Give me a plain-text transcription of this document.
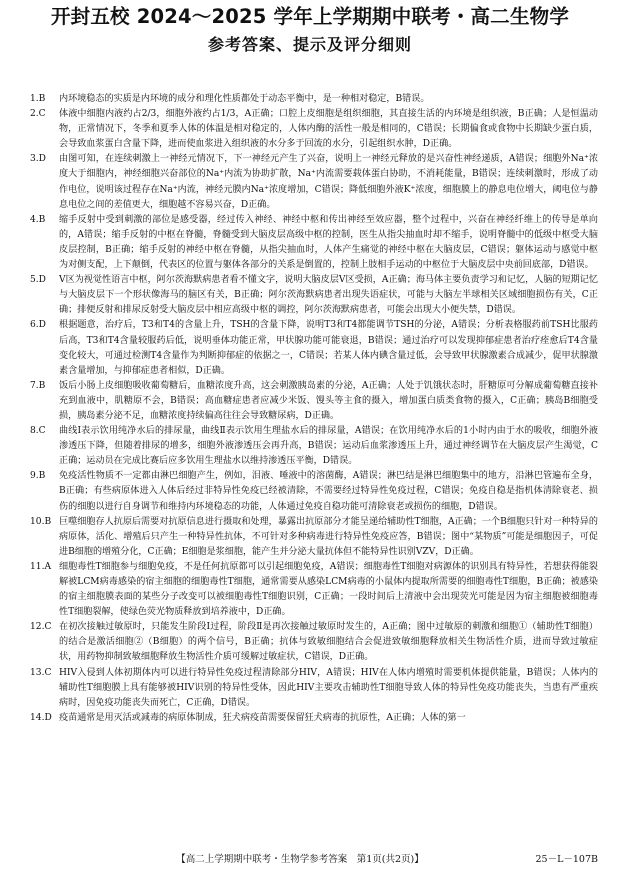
开封五校 2024～2025 学年上学期期中联考・高二生物学
参考答案、提示及评分细则
1.B 内环境稳态的实质是内环境的成分和理化性质都处于动态平衡中，是一种相对稳定，B错误。
2.C 体液中细胞内液约占2/3，细胞外液约占1/3，A正确；口腔上皮细胞是组织细胞，其直接生活的内环境是组织液，B正确；人是恒温动物，正常情况下，冬季和夏季人体的体温是相对稳定的，人体内酶的活性一般是相同的，C错误；长期偏食或食物中长期缺少蛋白质，会导致血浆蛋白含量下降，进而使血浆进入组织液的水分多于回流的水分，引起组织水肿，D正确。
3.D 由图可知，在连续刺激上一神经元情况下，下一神经元产生了兴奋，说明上一神经元释放的是兴奋性神经递质，A错误；细胞外Na⁺浓度大于细胞内，神经细胞兴奋部位的Na⁺内流为协助扩散，Na⁺内流需要载体蛋白协助，不消耗能量，B错误；连续刺激时，形成了动作电位，说明该过程存在Na⁺内流，神经元膜内Na⁺浓度增加，C错误；降低细胞外液K⁺浓度，细胞膜上的静息电位增大，阈电位与静息电位之间的差值更大，细胞越不容易兴奋，D正确。
4.B 缩手反射中受到刺激的部位是感受器，经过传入神经、神经中枢和传出神经至效应器，整个过程中，兴奋在神经纤维上的传导是单向的，A错误；缩手反射的中枢在脊髓，脊髓受到大脑皮层高级中枢的控制，医生从指尖抽血时却不缩手，说明脊髓中的低级中枢受大脑皮层控制，B正确；缩手反射的神经中枢在脊髓，从指尖抽血时，人体产生痛觉的神经中枢在大脑皮层，C错误；躯体运动与感觉中枢为对侧支配，上下颠倒，代表区的位置与躯体各部分的关系是倒置的，控制上肢相手运动的中枢位于大脑皮层中央前回底部，D错误。
5.D V区为视觉性语言中枢，阿尔茨海默病患者看不懂文字，说明大脑皮层V区受损，A正确；海马体主要负责学习和记忆，人脑的短期记忆与大脑皮层下一个形状像海马的脑区有关，B正确；阿尔茨海默病患者出现失语症状，可能与大脑左半球相关区域细胞损伤有关，C正确；排便反射和排尿反射受大脑皮层中相应高级中枢的调控，阿尔茨海默病患者，可能会出现大小便失禁，D错误。
6.D 根据题意，治疗后，T3和T4的含量上升，TSH的含量下降，说明T3和T4都能调节TSH的分泌，A错误；分析表格服药前TSH比服药后高，T3和T4含量较服药后低，说明垂体功能正常，甲状腺功能可能衰退，B错误；通过治疗可以发现抑郁症患者治疗痊愈后T4含量变化较大，可通过检测T4含量作为判断抑郁症的依据之一，C错误；若某人体内碘含量过低，会导致甲状腺激素合成减少，促甲状腺激素含量增加，与抑郁症患者相似，D正确。
7.B 饭后小肠上皮细胞吸收葡萄糖后，血糖浓度升高，这会刺激胰岛素的分泌，A正确；人处于饥饿状态时，肝糖原可分解成葡萄糖直接补充到血液中，肌糖原不会，B错误；高血糖症患者应减少米饭、馒头等主食的摄入，增加蛋白质类食物的摄入，C正确；胰岛B细胞受损，胰岛素分泌不足，血糖浓度持续偏高往往会导致糖尿病，D正确。
8.C 曲线Ⅰ表示饮用纯净水后的排尿量，曲线Ⅱ表示饮用生理盐水后的排尿量，A错误；在饮用纯净水后的1小时内由于水的吸收，细胞外液渗透压下降，但随着排尿的增多，细胞外液渗透压会再升高，B错误；运动后血浆渗透压上升，通过神经调节在大脑皮层产生渴觉，C正确；运动员在完成比赛后应多饮用生理盐水以维持渗透压平衡，D错误。
9.B 免疫活性物质不一定都由淋巴细胞产生，例如，泪液、唾液中的溶菌酶，A错误；淋巴结是淋巴细胞集中的地方，沿淋巴管遍布全身，B正确；有些病原体进入人体后经过非特异性免疫已经被清除，不需要经过特异性免疫过程，C错误；免疫自稳是指机体清除衰老、损伤的细胞以进行自身调节和维持内环境稳态的功能，人体通过免疫自稳功能可清除衰老或损伤的细胞，D错误。
10.B 巨噬细胞存人抗原后需要对抗原信息进行摄取和处理，暴露出抗原部分才能呈递给辅助性T细胞，A正确；一个B细胞只针对一种特异的病原体，活化、增殖后只产生一种特异性抗体，不可针对多种病毒进行特异性免疫应答，B错误；图中“某物质”可能是细胞因子，可促进B细胞的增殖分化，C正确；E细胞是浆细胞，能产生并分泌大量抗体但不能特异性识别VZV，D正确。
11.A 细胞毒性T细胞参与细胞免疫，不是任何抗原都可以引起细胞免疫，A错误；细胞毒性T细胞对病源体的识别具有特异性，若想获得能裂解被LCM病毒感染的宿主细胞的细胞毒性T细胞，通常需要从感染LCM病毒的小鼠体内提取所需要的细胞毒性T细胞，B正确；被感染的宿主细胞膜表面的某些分子改变可以被细胞毒性T细胞识别，C正确；一段时间后上清液中会出现荧光可能是因为宿主细胞被细胞毒性T细胞裂解，使绿色荧光物质释放到培养液中，D正确。
12.C 在初次接触过敏原时，只能发生阶段Ⅰ过程，阶段Ⅱ是再次接触过敏原时发生的，A正确；图中过敏原的刺激和细胞①（辅助性T细胞）的结合是激活细胞②（B细胞）的两个信号，B正确；抗体与致敏细胞结合会促进致敏细胞释放相关生物活性介质，进而导致过敏症状，用药物抑制致敏细胞释放生物活性介质可缓解过敏症状，C错误，D正确。
13.C HIV入侵到人体初期体内可以进行特异性免疫过程清除部分HIV，A错误；HIV在人体内增殖时需要机体提供能量，B错误；人体内的辅助性T细胞膜上具有能够被HIV识别的特异性受体，因此HIV主要攻击辅助性T细胞导致人体的特异性免疫功能丧失，当患有严重疾病时，因免疫功能丧失而死亡，C正确，D错误。
14.D 疫苗通常是用灭活或减毒的病原体制成，狂犬病疫苗需要保留狂犬病毒的抗原性，A正确；人体的第一
【高二上学期期中联考・生物学参考答案　第1页(共2页)】	25－L－107B
